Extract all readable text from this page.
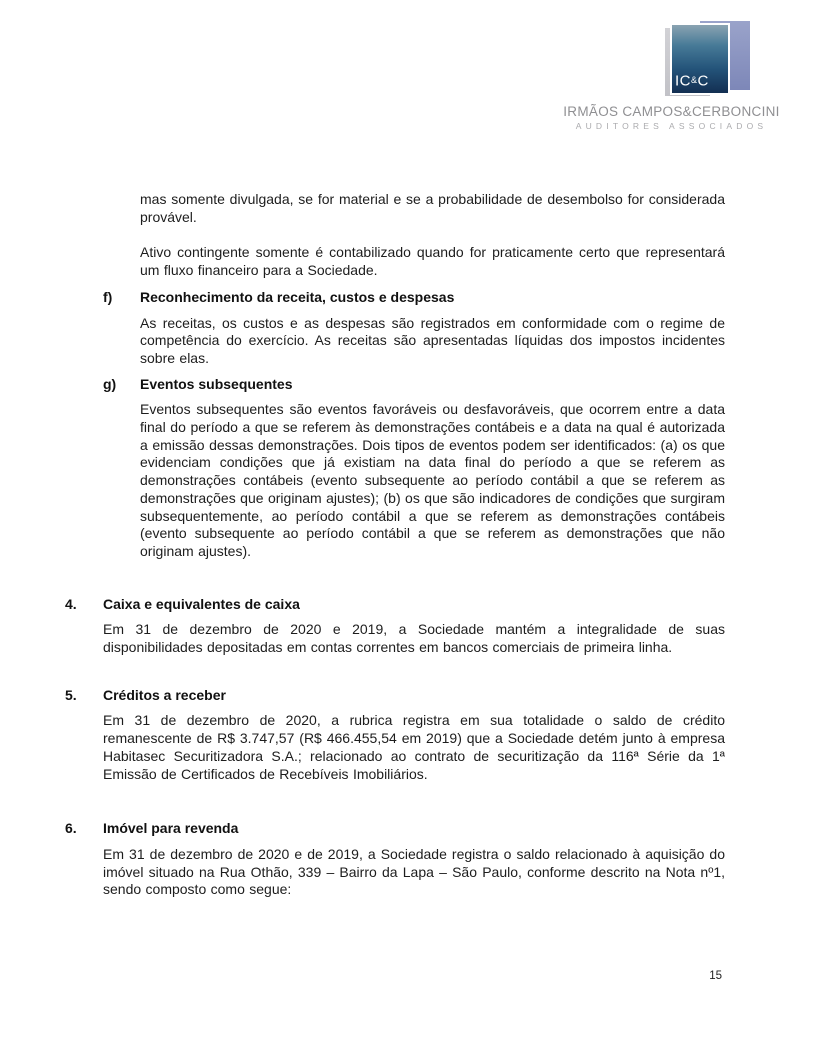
IC&C
IRMÃOS CAMPOS&CERBONCINI
AUDITORES ASSOCIADOS

mas somente divulgada, se for material e se a probabilidade de desembolso for considerada provável.

Ativo contingente somente é contabilizado quando for praticamente certo que representará um fluxo financeiro para a Sociedade.

f) Reconhecimento da receita, custos e despesas

As receitas, os custos e as despesas são registrados em conformidade com o regime de competência do exercício. As receitas são apresentadas líquidas dos impostos incidentes sobre elas.

g) Eventos subsequentes

Eventos subsequentes são eventos favoráveis ou desfavoráveis, que ocorrem entre a data final do período a que se referem às demonstrações contábeis e a data na qual é autorizada a emissão dessas demonstrações. Dois tipos de eventos podem ser identificados: (a) os que evidenciam condições que já existiam na data final do período a que se referem as demonstrações contábeis (evento subsequente ao período contábil a que se referem as demonstrações que originam ajustes); (b) os que são indicadores de condições que surgiram subsequentemente, ao período contábil a que se referem as demonstrações contábeis (evento subsequente ao período contábil a que se referem as demonstrações que não originam ajustes).

4. Caixa e equivalentes de caixa

Em 31 de dezembro de 2020 e 2019, a Sociedade mantém a integralidade de suas disponibilidades depositadas em contas correntes em bancos comerciais de primeira linha.

5. Créditos a receber

Em 31 de dezembro de 2020, a rubrica registra em sua totalidade o saldo de crédito remanescente de R$ 3.747,57 (R$ 466.455,54 em 2019) que a Sociedade detém junto à empresa Habitasec Securitizadora S.A.; relacionado ao contrato de securitização da 116ª Série da 1ª Emissão de Certificados de Recebíveis Imobiliários.

6. Imóvel para revenda

Em 31 de dezembro de 2020 e de 2019, a Sociedade registra o saldo relacionado à aquisição do imóvel situado na Rua Othão, 339 – Bairro da Lapa – São Paulo, conforme descrito na Nota nº1, sendo composto como segue:

15
